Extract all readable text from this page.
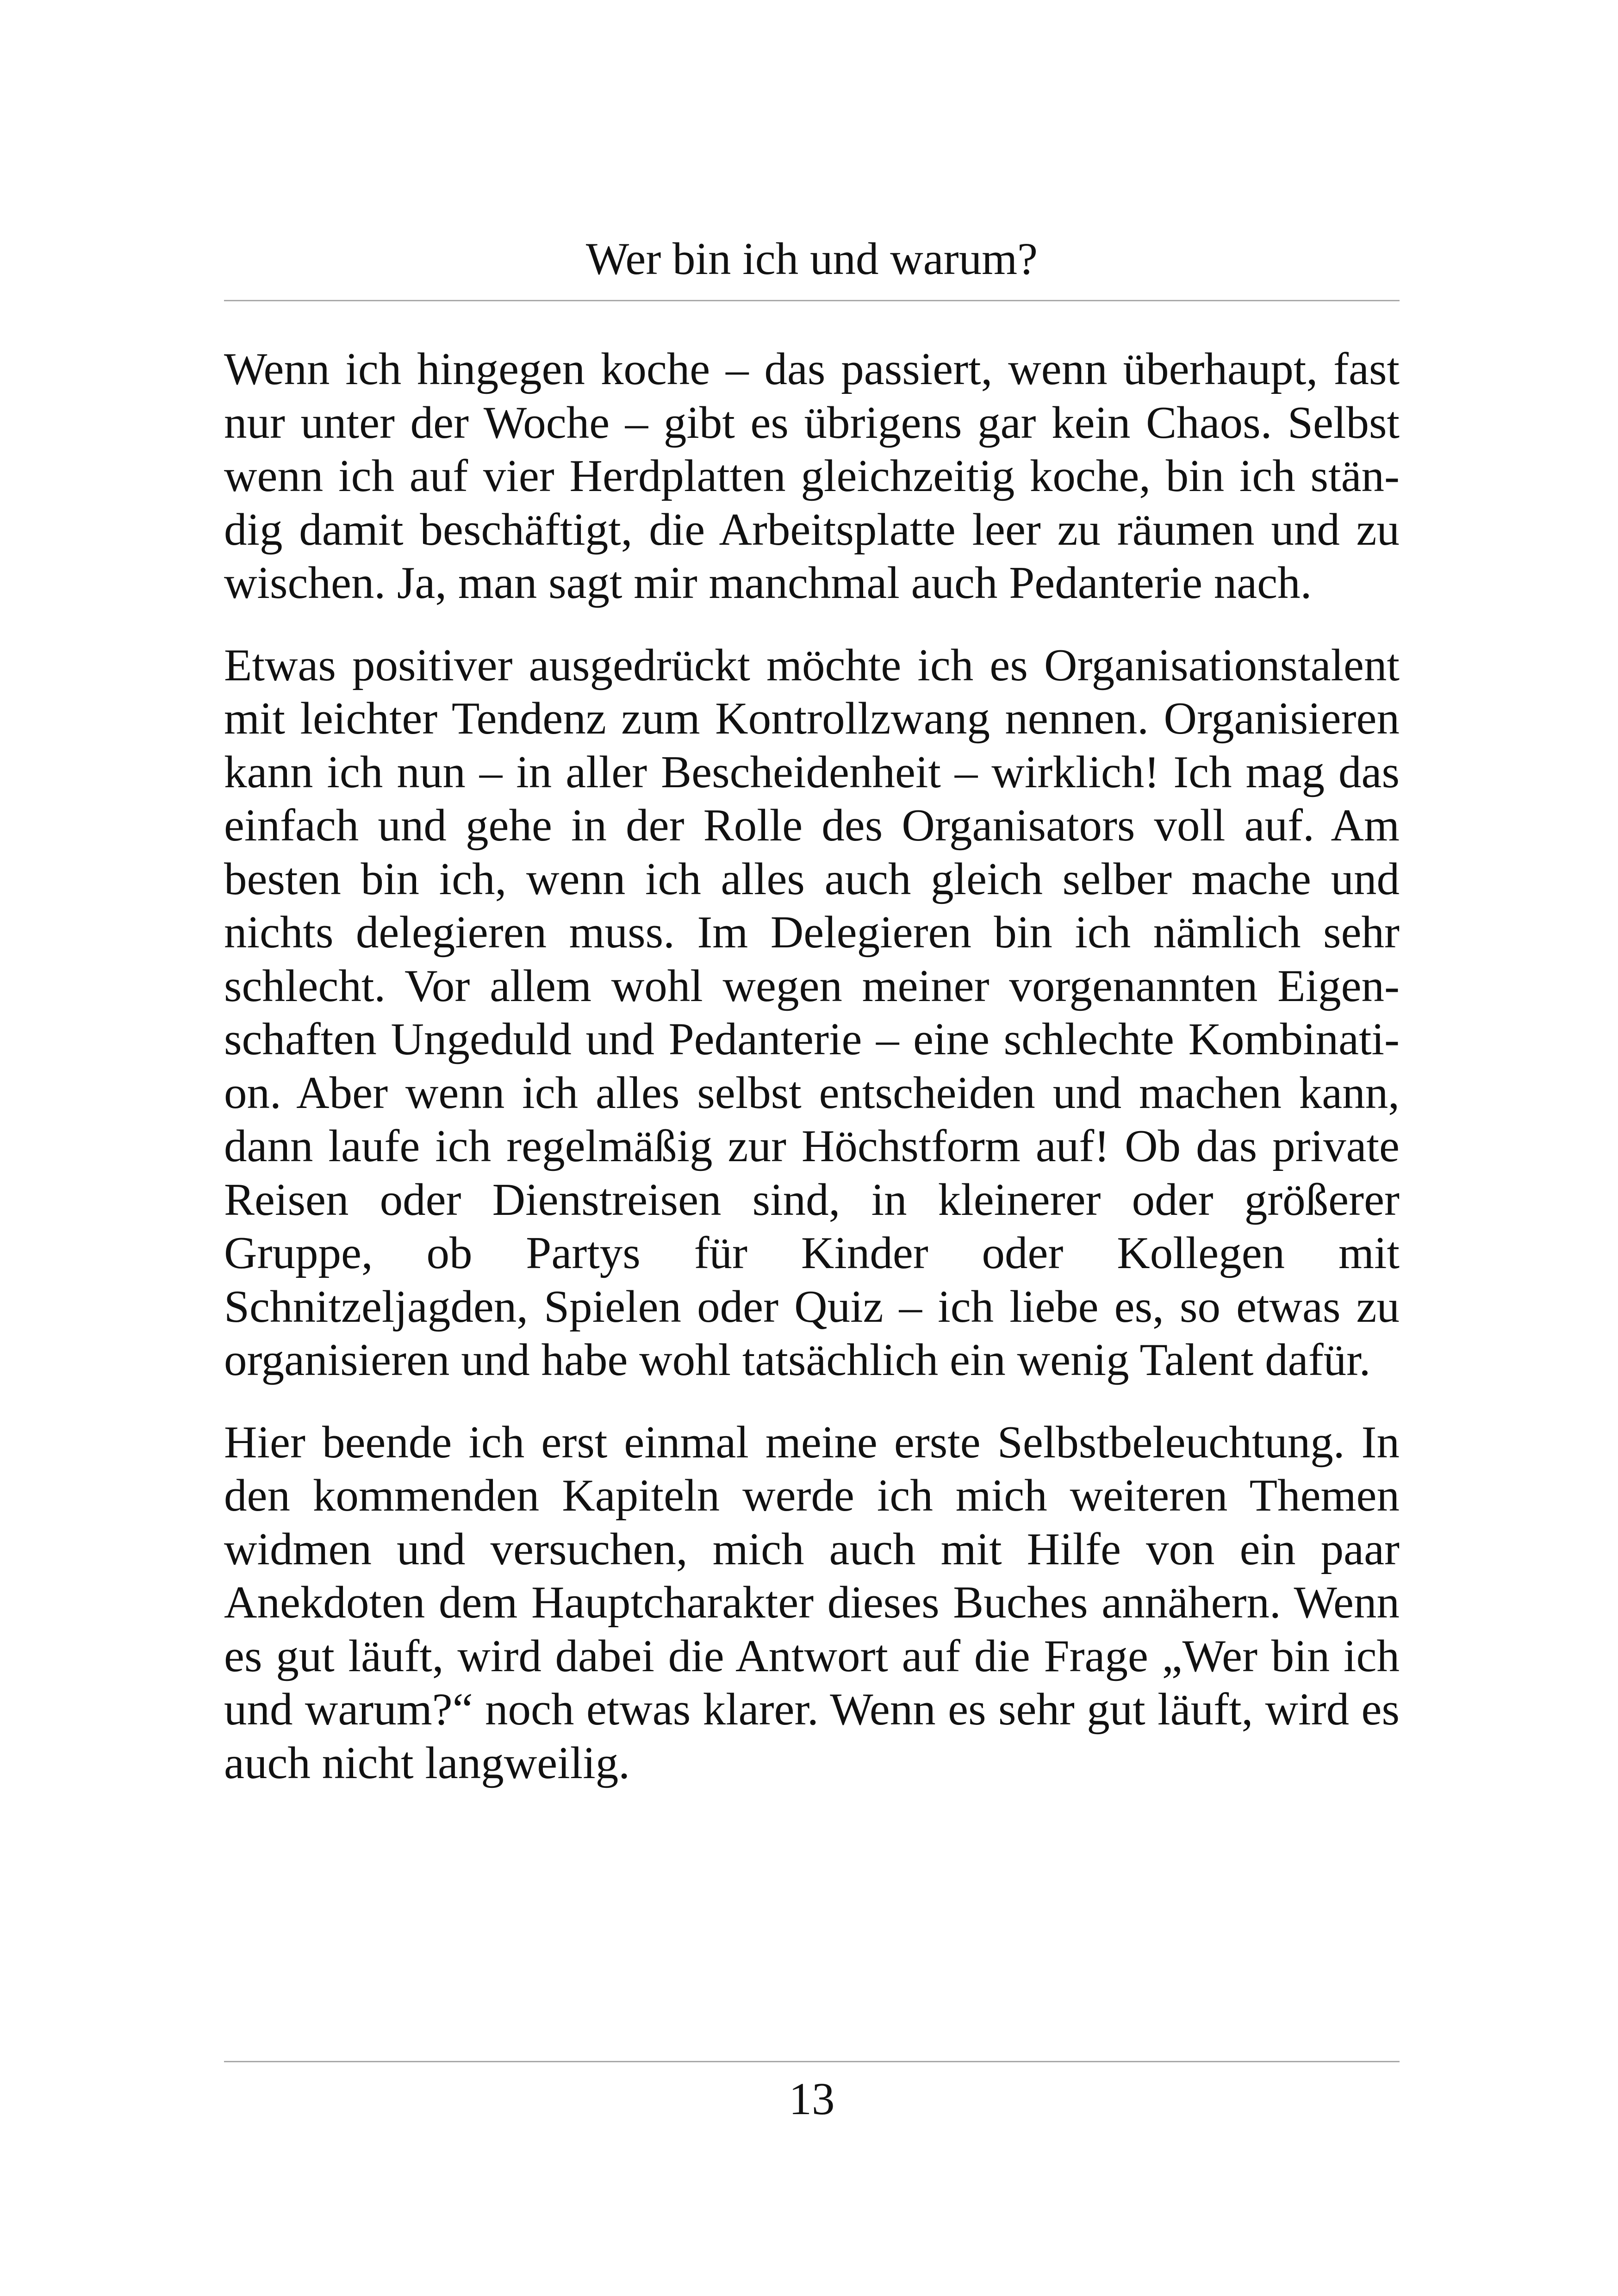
Wer bin ich und warum?

Wenn ich hingegen koche – das passiert, wenn überhaupt, fast nur unter der Woche – gibt es übrigens gar kein Chaos. Selbst wenn ich auf vier Herdplatten gleichzeitig koche, bin ich ständig damit beschäftigt, die Arbeitsplatte leer zu räumen und zu wischen. Ja, man sagt mir manchmal auch Pedanterie nach.

Etwas positiver ausgedrückt möchte ich es Organisationstalent mit leichter Tendenz zum Kontrollzwang nennen. Organisieren kann ich nun – in aller Bescheidenheit – wirklich! Ich mag das einfach und gehe in der Rolle des Organisators voll auf. Am besten bin ich, wenn ich alles auch gleich selber mache und nichts delegieren muss. Im Delegieren bin ich nämlich sehr schlecht. Vor allem wohl wegen meiner vorgenannten Eigenschaften Ungeduld und Pedanterie – eine schlechte Kombination. Aber wenn ich alles selbst entscheiden und machen kann, dann laufe ich regelmäßig zur Höchstform auf! Ob das private Reisen oder Dienstreisen sind, in kleinerer oder größerer Gruppe, ob Partys für Kinder oder Kollegen mit Schnitzeljagden, Spielen oder Quiz – ich liebe es, so etwas zu organisieren und habe wohl tatsächlich ein wenig Talent dafür.

Hier beende ich erst einmal meine erste Selbstbeleuchtung. In den kommenden Kapiteln werde ich mich weiteren Themen widmen und versuchen, mich auch mit Hilfe von ein paar Anekdoten dem Hauptcharakter dieses Buches annähern. Wenn es gut läuft, wird dabei die Antwort auf die Frage „Wer bin ich und warum?“ noch etwas klarer. Wenn es sehr gut läuft, wird es auch nicht langweilig.

13
